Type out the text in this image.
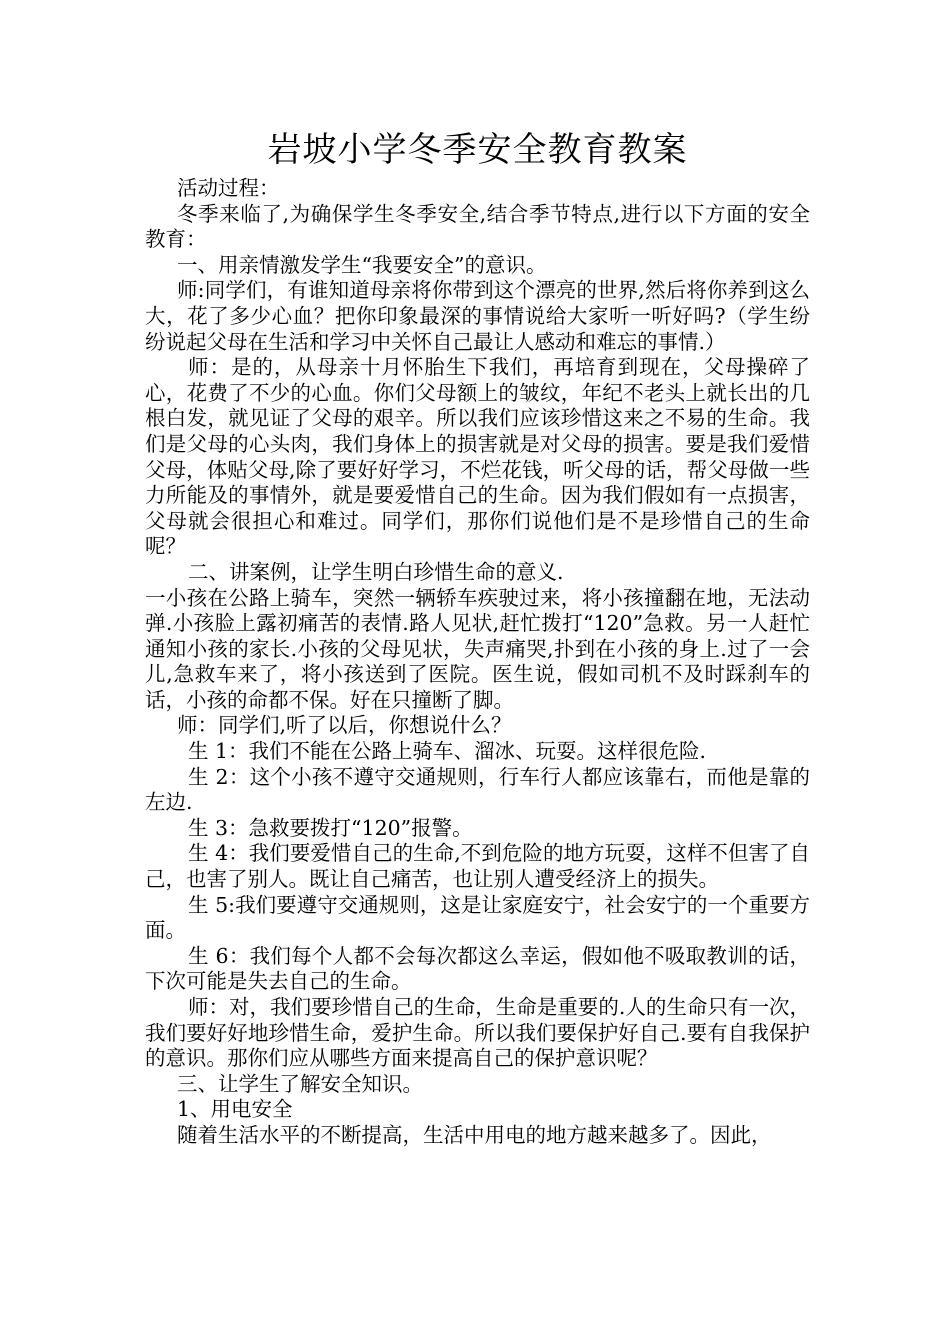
岩坡小学冬季安全教育教案

活动过程：

冬季来临了,为确保学生冬季安全,结合季节特点,进行以下方面的安全教育：

一、用亲情激发学生“我要安全”的意识。

师:同学们，有谁知道母亲将你带到这个漂亮的世界,然后将你养到这么大，花了多少心血？把你印象最深的事情说给大家听一听好吗?（学生纷纷说起父母在生活和学习中关怀自己最让人感动和难忘的事情.）

师：是的，从母亲十月怀胎生下我们，再培育到现在，父母操碎了心，花费了不少的心血。你们父母额上的皱纹，年纪不老头上就长出的几根白发，就见证了父母的艰辛。所以我们应该珍惜这来之不易的生命。我们是父母的心头肉，我们身体上的损害就是对父母的损害。要是我们爱惜父母，体贴父母,除了要好好学习，不烂花钱，听父母的话，帮父母做一些力所能及的事情外，就是要爱惜自己的生命。因为我们假如有一点损害，父母就会很担心和难过。同学们，那你们说他们是不是珍惜自己的生命呢？

二、讲案例，让学生明白珍惜生命的意义.

一小孩在公路上骑车，突然一辆轿车疾驶过来，将小孩撞翻在地，无法动弹.小孩脸上露初痛苦的表情.路人见状,赶忙拨打“120”急救。另一人赶忙通知小孩的家长.小孩的父母见状，失声痛哭,扑到在小孩的身上.过了一会儿,急救车来了，将小孩送到了医院。医生说，假如司机不及时踩刹车的话，小孩的命都不保。好在只撞断了脚。

师：同学们,听了以后，你想说什么？

生 1：我们不能在公路上骑车、溜冰、玩耍。这样很危险.

生 2：这个小孩不遵守交通规则，行车行人都应该靠右，而他是靠的左边.

生 3：急救要拨打“120”报警。

生 4：我们要爱惜自己的生命,不到危险的地方玩耍，这样不但害了自己，也害了别人。既让自己痛苦，也让别人遭受经济上的损失。

生 5:我们要遵守交通规则，这是让家庭安宁，社会安宁的一个重要方面。

生 6：我们每个人都不会每次都这么幸运，假如他不吸取教训的话，下次可能是失去自己的生命。

师：对，我们要珍惜自己的生命，生命是重要的.人的生命只有一次，我们要好好地珍惜生命，爱护生命。所以我们要保护好自己.要有自我保护的意识。那你们应从哪些方面来提高自己的保护意识呢？

三、让学生了解安全知识。

1、用电安全

随着生活水平的不断提高，生活中用电的地方越来越多了。因此，
